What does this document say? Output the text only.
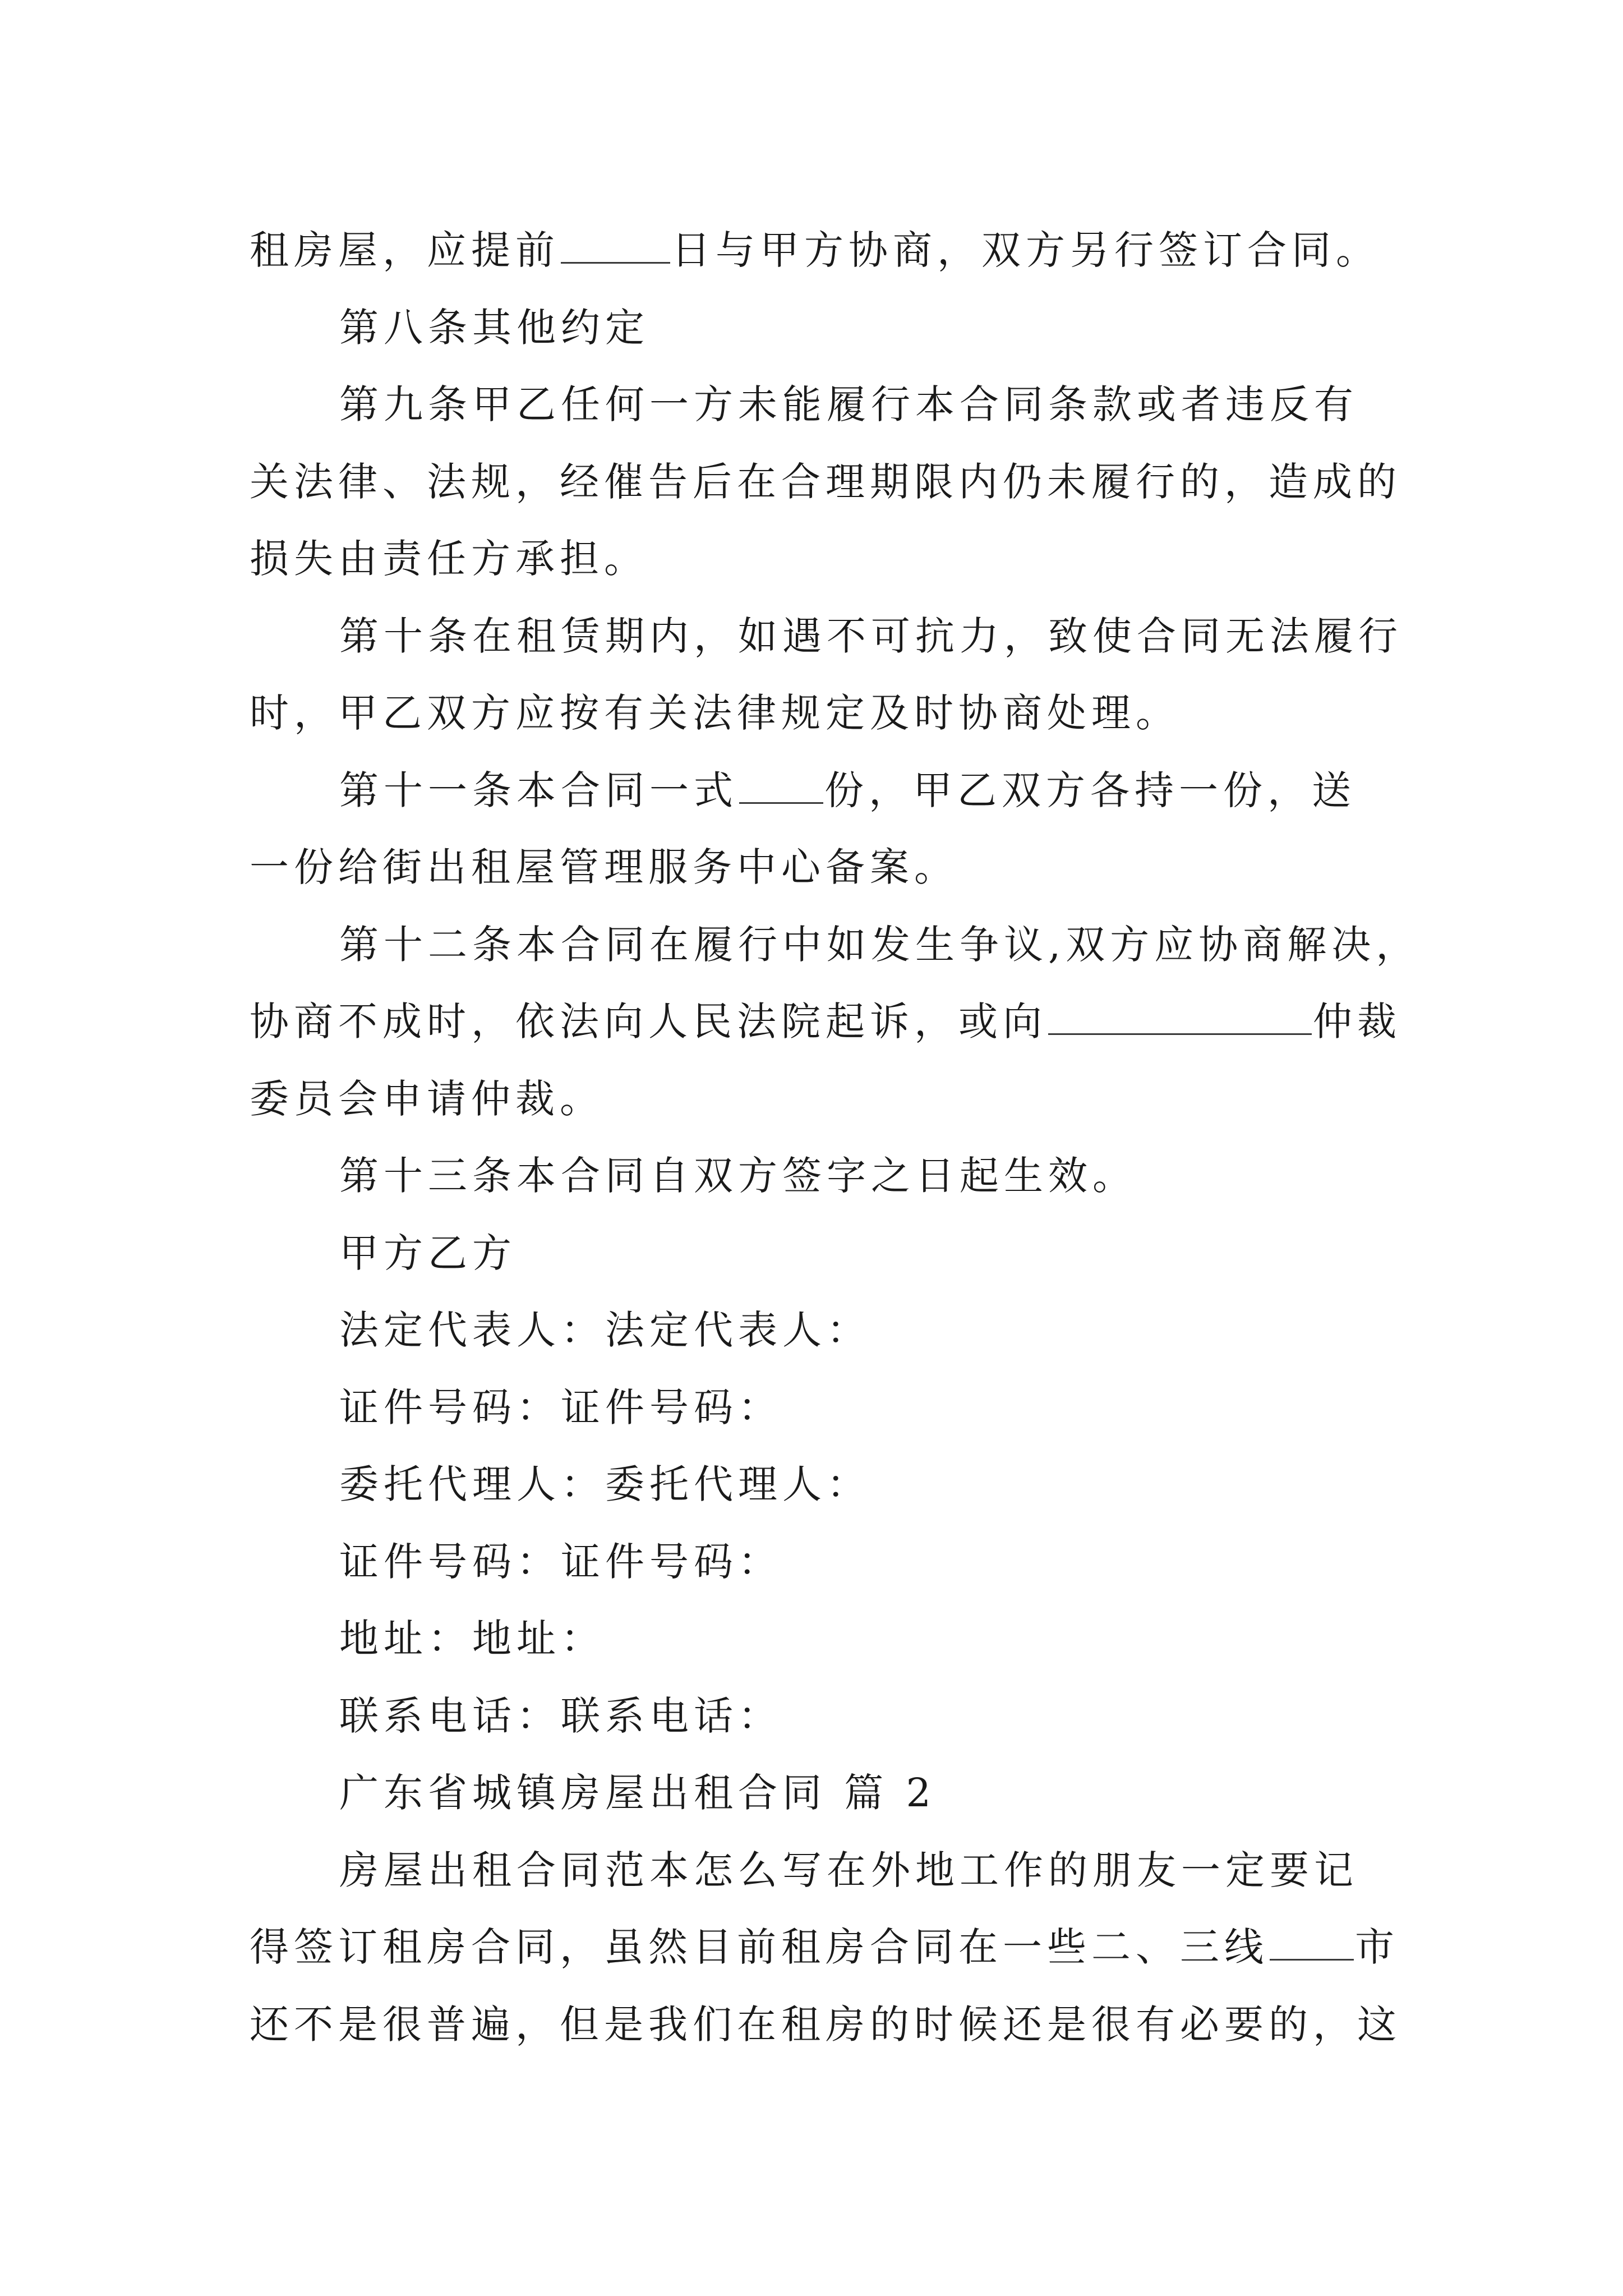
租房屋，应提前	日与甲方协商，双方另行签订合同。
第八条其他约定
第九条甲乙任何一方未能履行本合同条款或者违反有
关法律、法规，经催告后在合理期限内仍未履行的，造成的
损失由责任方承担。
第十条在租赁期内，如遇不可抗力，致使合同无法履行
时，甲乙双方应按有关法律规定及时协商处理。
第十一条本合同一式 份，甲乙双方各持一份，送
一份给街出租屋管理服务中心备案。
第十二条本合同在履行中如发生争议,双方应协商解决，
协商不成时，依法向人民法院起诉，或向	仲裁
委员会申请仲裁。
第十三条本合同自双方签字之日起生效。
甲方乙方
法定代表人：法定代表人：
证件号码：证件号码：
委托代理人：委托代理人：
证件号码：证件号码：
地址：地址：
联系电话：联系电话：
广东省城镇房屋出租合同 篇 2
房屋出租合同范本怎么写在外地工作的朋友一定要记
得签订租房合同，虽然目前租房合同在一些二、三线 市
还不是很普遍，但是我们在租房的时候还是很有必要的，这
